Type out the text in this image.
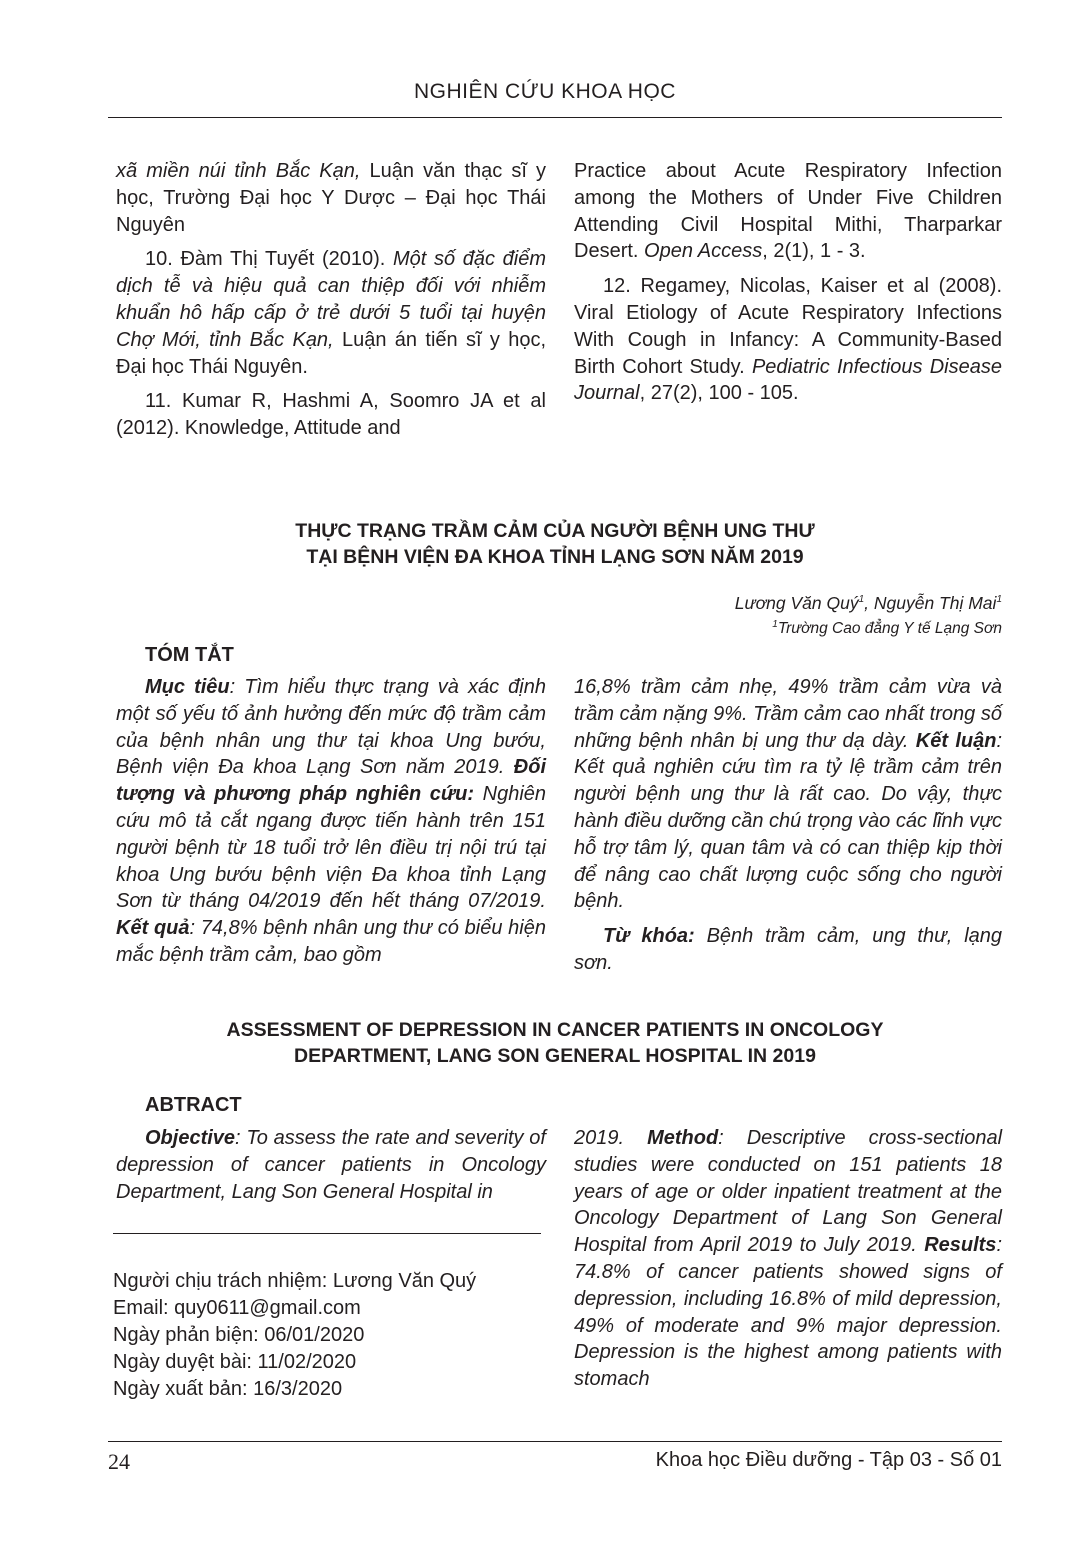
NGHIÊN CỨU KHOA HỌC

xã miền núi tỉnh Bắc Kạn, Luận văn thạc sĩ y học, Trường Đại học Y Dược – Đại học Thái Nguyên

10. Đàm Thị Tuyết (2010). Một số đặc điểm dịch tễ và hiệu quả can thiệp đối với nhiễm khuẩn hô hấp cấp ở trẻ dưới 5 tuổi tại huyện Chợ Mới, tỉnh Bắc Kạn, Luận án tiến sĩ y học, Đại học Thái Nguyên.

11. Kumar R, Hashmi A, Soomro JA et al (2012). Knowledge, Attitude and

Practice about Acute Respiratory Infection among the Mothers of Under Five Children Attending Civil Hospital Mithi, Tharparkar Desert. Open Access, 2(1), 1 - 3.

12. Regamey, Nicolas, Kaiser et al (2008). Viral Etiology of Acute Respiratory Infections With Cough in Infancy: A Community-Based Birth Cohort Study. Pediatric Infectious Disease Journal, 27(2), 100 - 105.

THỰC TRẠNG TRẦM CẢM CỦA NGƯỜI BỆNH UNG THƯ
TẠI BỆNH VIỆN ĐA KHOA TỈNH LẠNG SƠN NĂM 2019
Lương Văn Quý$^1$, Nguyễn Thị Mai$^1$
$^1$Trường Cao đẳng Y tế Lạng Sơn
TÓM TẮT

Mục tiêu: Tìm hiểu thực trạng và xác định một số yếu tố ảnh hưởng đến mức độ trầm cảm của bệnh nhân ung thư tại khoa Ung bướu, Bệnh viện Đa khoa Lạng Sơn năm 2019. Đối tượng và phương pháp nghiên cứu: Nghiên cứu mô tả cắt ngang được tiến hành trên 151 người bệnh từ 18 tuổi trở lên điều trị nội trú tại khoa Ung bướu bệnh viện Đa khoa tỉnh Lạng Sơn từ tháng 04/2019 đến hết tháng 07/2019. Kết quả: 74,8% bệnh nhân ung thư có biểu hiện mắc bệnh trầm cảm, bao gồm

16,8% trầm cảm nhẹ, 49% trầm cảm vừa và trầm cảm nặng 9%. Trầm cảm cao nhất trong số những bệnh nhân bị ung thư dạ dày. Kết luận: Kết quả nghiên cứu tìm ra tỷ lệ trầm cảm trên người bệnh ung thư là rất cao. Do vậy, thực hành điều dưỡng cần chú trọng vào các lĩnh vực hỗ trợ tâm lý, quan tâm và có can thiệp kịp thời để nâng cao chất lượng cuộc sống cho người bệnh.

Từ khóa: Bệnh trầm cảm, ung thư, lạng sơn.

ASSESSMENT OF DEPRESSION IN CANCER PATIENTS IN ONCOLOGY
DEPARTMENT, LANG SON GENERAL HOSPITAL IN 2019
ABTRACT

Objective: To assess the rate and severity of depression of cancer patients in Oncology Department, Lang Son General Hospital in

2019. Method: Descriptive cross-sectional studies were conducted on 151 patients 18 years of age or older inpatient treatment at the Oncology Department of Lang Son General Hospital from April 2019 to July 2019. Results: 74.8% of cancer patients showed signs of depression, including 16.8% of mild depression, 49% of moderate and 9% major depression. Depression is the highest among patients with stomach

Người chịu trách nhiệm: Lương Văn Quý
Email: quy0611@gmail.com
Ngày phản biện: 06/01/2020
Ngày duyệt bài: 11/02/2020
Ngày xuất bản: 16/3/2020
24	Khoa học Điều dưỡng - Tập 03 - Số 01
